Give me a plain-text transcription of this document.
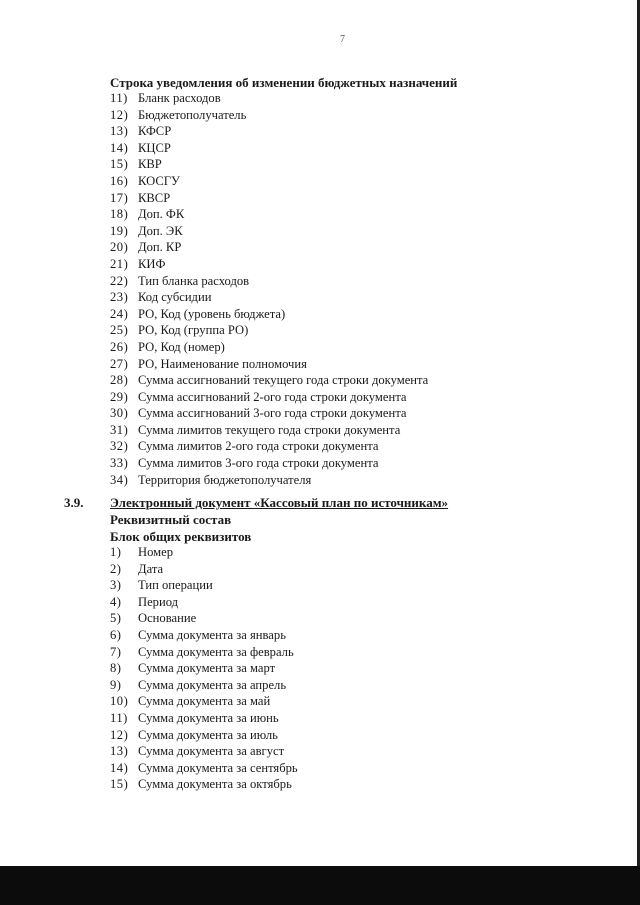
7
Строка уведомления об изменении бюджетных назначений
11) Бланк расходов
12) Бюджетополучатель
13) КФСР
14) КЦСР
15) КВР
16) КОСГУ
17) КВСР
18) Доп. ФК
19) Доп. ЭК
20) Доп. КР
21) КИФ
22) Тип бланка расходов
23) Код субсидии
24) РО, Код (уровень бюджета)
25) РО, Код (группа РО)
26) РО, Код (номер)
27) РО, Наименование полномочия
28) Сумма ассигнований текущего года строки документа
29) Сумма ассигнований 2-ого года строки документа
30) Сумма ассигнований 3-ого года строки документа
31) Сумма лимитов текущего года строки документа
32) Сумма лимитов 2-ого года строки документа
33) Сумма лимитов 3-ого года строки документа
34) Территория бюджетополучателя
3.9. Электронный документ «Кассовый план по источникам»
Реквизитный состав
Блок общих реквизитов
1) Номер
2) Дата
3) Тип операции
4) Период
5) Основание
6) Сумма документа за январь
7) Сумма документа за февраль
8) Сумма документа за март
9) Сумма документа за апрель
10) Сумма документа за май
11) Сумма документа за июнь
12) Сумма документа за июль
13) Сумма документа за август
14) Сумма документа за сентябрь
15) Сумма документа за октябрь
